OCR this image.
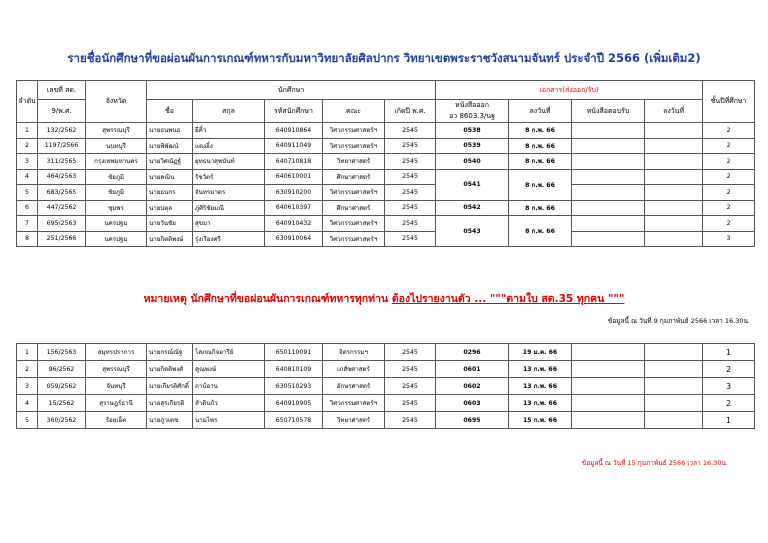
รายชื่อนักศึกษาที่ขอผ่อนผันการเกณฑ์ทหารกับมหาวิทยาลัยศิลปากร วิทยาเขตพระราชวังสนามจันทร์ ประจำปี 2566 (เพิ่มเติม2)
ลำดับ	เลขที่ สด.	จังหวัด	นักศึกษา					เอกสาร(ส่งออก/รับ)				ชั้นปีที่ศึกษา
	9/พ.ศ.		ชื่อ	สกุล	รหัสนักศึกษา	คณะ	เกิดปี พ.ศ.	หนังสือออก
อว 8603.3/นฐ	ลงวันที่	หนังสือตอบรับ	ลงวันที่	
1	132/2562	สุพรรณบุรี	นายธนพนธ	ยี่คิ้ว	640910864	วิศวกรรมศาสตร์ฯ	2545	0538	8 ก.พ. 66			2
2	1197/2566	นนทบุรี	นายพิพัฒน์	แตงอิ้ง	640911049	วิศวกรรมศาสตร์ฯ	2545	0539	8 ก.พ. 66			2
3	311/2565	กรุงเทพมหานคร	นายวิศณัฏฐ์	ยุทธนาสุพนันท์	640710818	วิทยาศาสตร์	2545	0540	8 ก.พ. 66			2
4	464/2563	ชัยภูมิ	นายคณิน	รัชวัตร์	640610001	ศึกษาศาสตร์	2545	0541	8 ก.พ. 66			2
5	683/2565	ชัยภูมิ	นายธนกร	จันทรมาตร	630910200	วิศวกรรมศาสตร์ฯ	2545					2
6	447/2562	ชุมพร	นายปตุล	ภู่ศิริชัยมณี	640610397	ศึกษาศาสตร์	2545	0542	8 ก.พ. 66			2
7	695/2563	นครปฐม	นายวันชัย	สุขมา	640910432	วิศวกรรมศาสตร์ฯ	2545	0543	8 ก.พ. 66			2
8	251/2566	นครปฐม	นายกิตติพงษ์	รุ่งเรืองศรี	630910064	วิศวกรรมศาสตร์ฯ	2545					3
หมายเหตุ นักศึกษาที่ขอผ่อนผันการเกณฑ์ทหารทุกท่าน ต้องไปรายงานตัว ... """ตามใบ สด.35 ทุกคน """
ข้อมูลนี้ ณ วันที่ 9 กุมภาพันธ์ 2566 เวลา 16.30น.
1	156/2563	สมุทรปราการ	นายกรณ์ณัฐ	โสภณกิจอารีย์	650110091	จิตรกรรมฯ	2545	0296	19 ม.ค. 66			1
2	96/2562	สุพรรณบุรี	นายกิตติพงศ์	คูณพงษ์	640810109	เภสัชศาสตร์	2545	0601	13 ก.พ. 66			2
3	059/2562	จันทบุรี	นายเกียรติศักดิ์	ถาน้อาน	630510293	อักษรศาสตร์	2545	0602	13 ก.พ. 66			3
4	15/2562	สุราษฎร์ธานี	นายสุรเกียรติ	ลำดินก้ว	640910905	วิศวกรรมศาสตร์ฯ	2545	0603	13 ก.พ. 66			2
5	360/2562	ร้อยเอ็ด	นายภูวเดช	นามไพร	650710578	วิทยาศาสตร์	2545	0695	15 ก.พ. 66			1
ข้อมูลนี้ ณ วันที่ 15 กุมภาพันธ์ 2566 เวลา 16.30น.
